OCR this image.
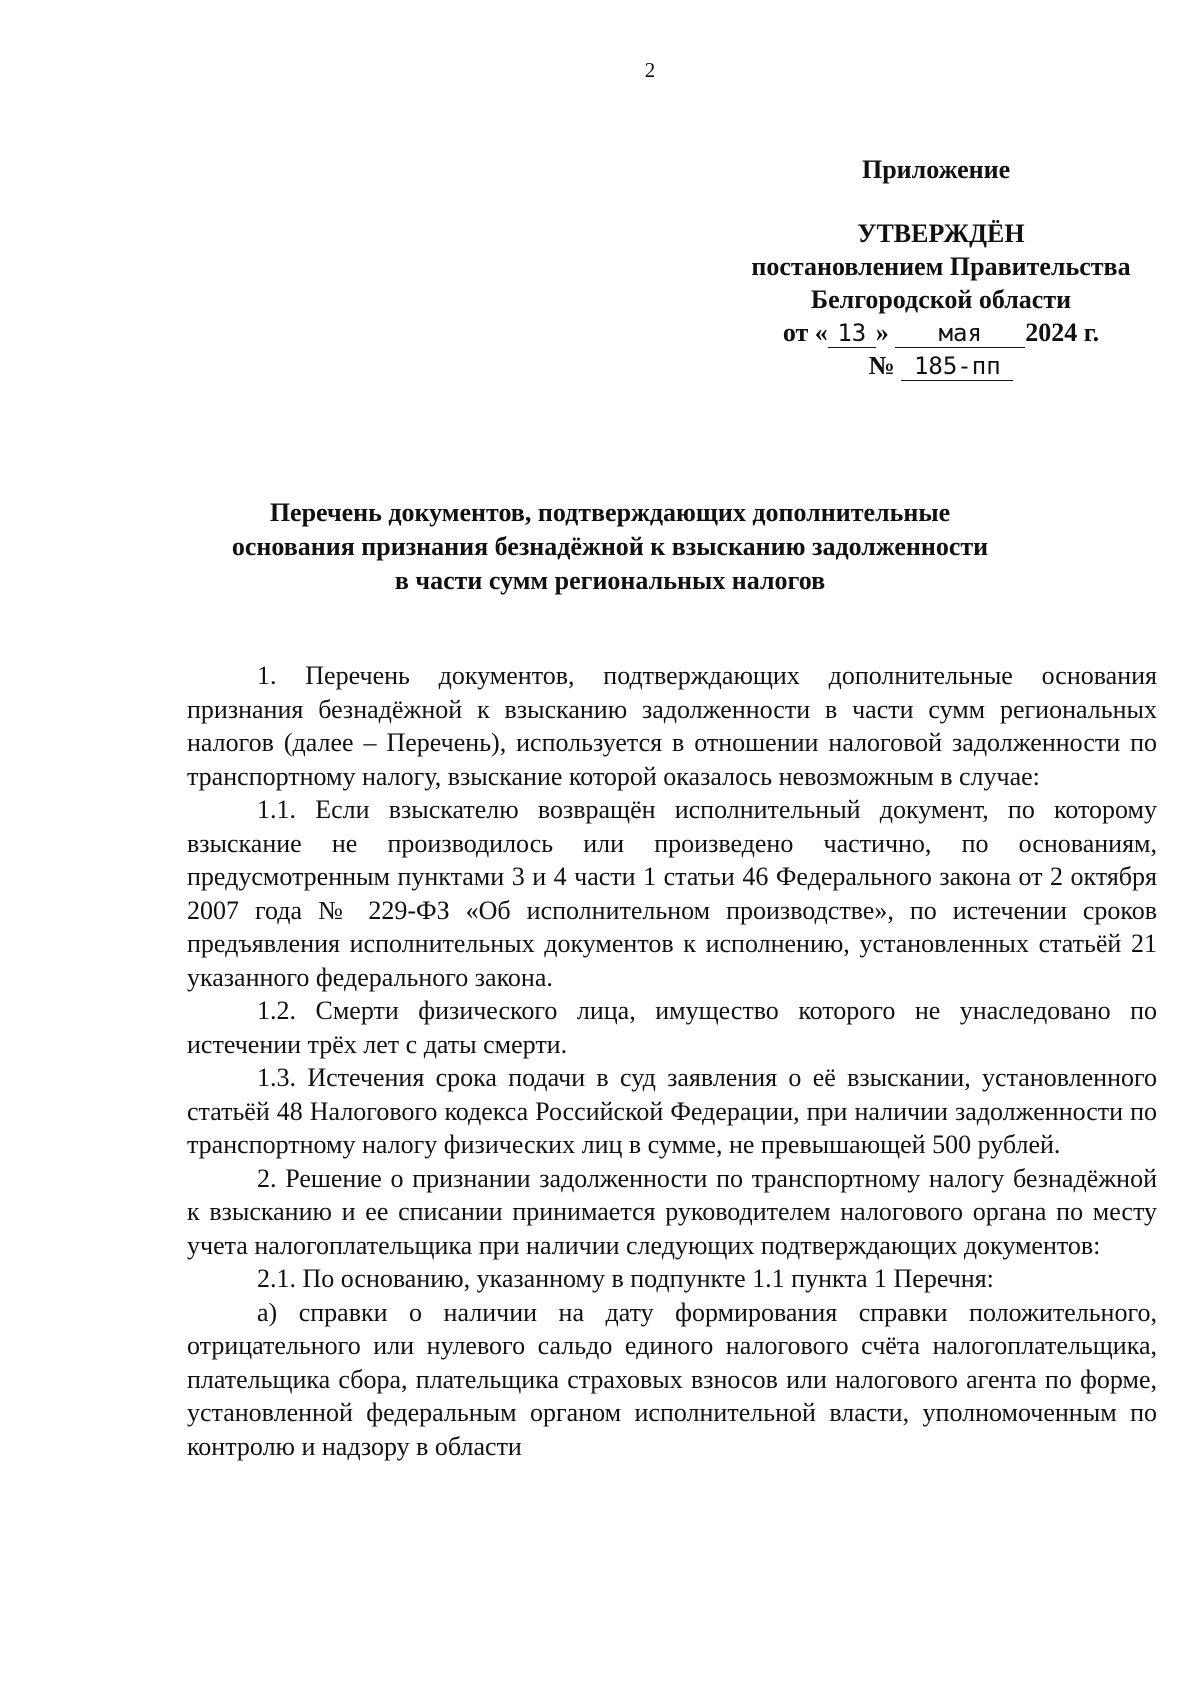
2
Приложение
УТВЕРЖДЁН
постановлением Правительства
Белгородской области
от « 13 » мая 2024 г.
№ 185-пп
Перечень документов, подтверждающих дополнительные
основания признания безнадёжной к взысканию задолженности
в части сумм региональных налогов

1. Перечень документов, подтверждающих дополнительные основания признания безнадёжной к взысканию задолженности в части сумм региональных налогов (далее – Перечень), используется в отношении налоговой задолженности по транспортному налогу, взыскание которой оказалось невозможным в случае:

1.1. Если взыскателю возвращён исполнительный документ, по которому взыскание не производилось или произведено частично, по основаниям, предусмотренным пунктами 3 и 4 части 1 статьи 46 Федерального закона от 2 октября 2007 года № 229-ФЗ «Об исполнительном производстве», по истечении сроков предъявления исполнительных документов к исполнению, установленных статьёй 21 указанного федерального закона.

1.2. Смерти физического лица, имущество которого не унаследовано по истечении трёх лет с даты смерти.

1.3. Истечения срока подачи в суд заявления о её взыскании, установленного статьёй 48 Налогового кодекса Российской Федерации, при наличии задолженности по транспортному налогу физических лиц в сумме, не превышающей 500 рублей.

2. Решение о признании задолженности по транспортному налогу безнадёжной к взысканию и ее списании принимается руководителем налогового органа по месту учета налогоплательщика при наличии следующих подтверждающих документов:

2.1. По основанию, указанному в подпункте 1.1 пункта 1 Перечня:

а) справки о наличии на дату формирования справки положительного, отрицательного или нулевого сальдо единого налогового счёта налогоплательщика, плательщика сбора, плательщика страховых взносов или налогового агента по форме, установленной федеральным органом исполнительной власти, уполномоченным по контролю и надзору в области
